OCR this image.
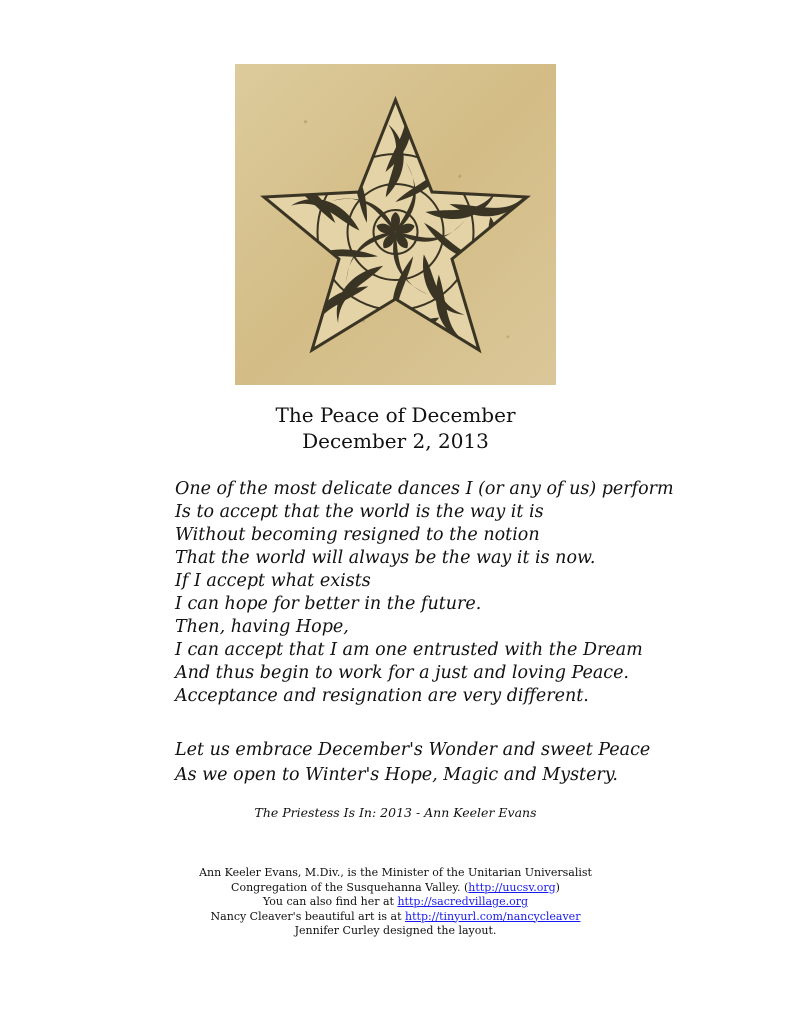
The Peace of December
December 2, 2013
One of the most delicate dances I (or any of us) perform
Is to accept that the world is the way it is
Without becoming resigned to the notion
That the world will always be the way it is now.
If I accept what exists
I can hope for better in the future.
Then, having Hope,
I can accept that I am one entrusted with the Dream
And thus begin to work for a just and loving Peace.
Acceptance and resignation are very different.
Let us embrace December's Wonder and sweet Peace
As we open to Winter's Hope, Magic and Mystery.
The Priestess Is In: 2013 - Ann Keeler Evans
Ann Keeler Evans, M.Div., is the Minister of the Unitarian Universalist
Congregation of the Susquehanna Valley. (http://uucsv.org)
You can also find her at http://sacredvillage.org
Nancy Cleaver's beautiful art is at http://tinyurl.com/nancycleaver
Jennifer Curley designed the layout.
